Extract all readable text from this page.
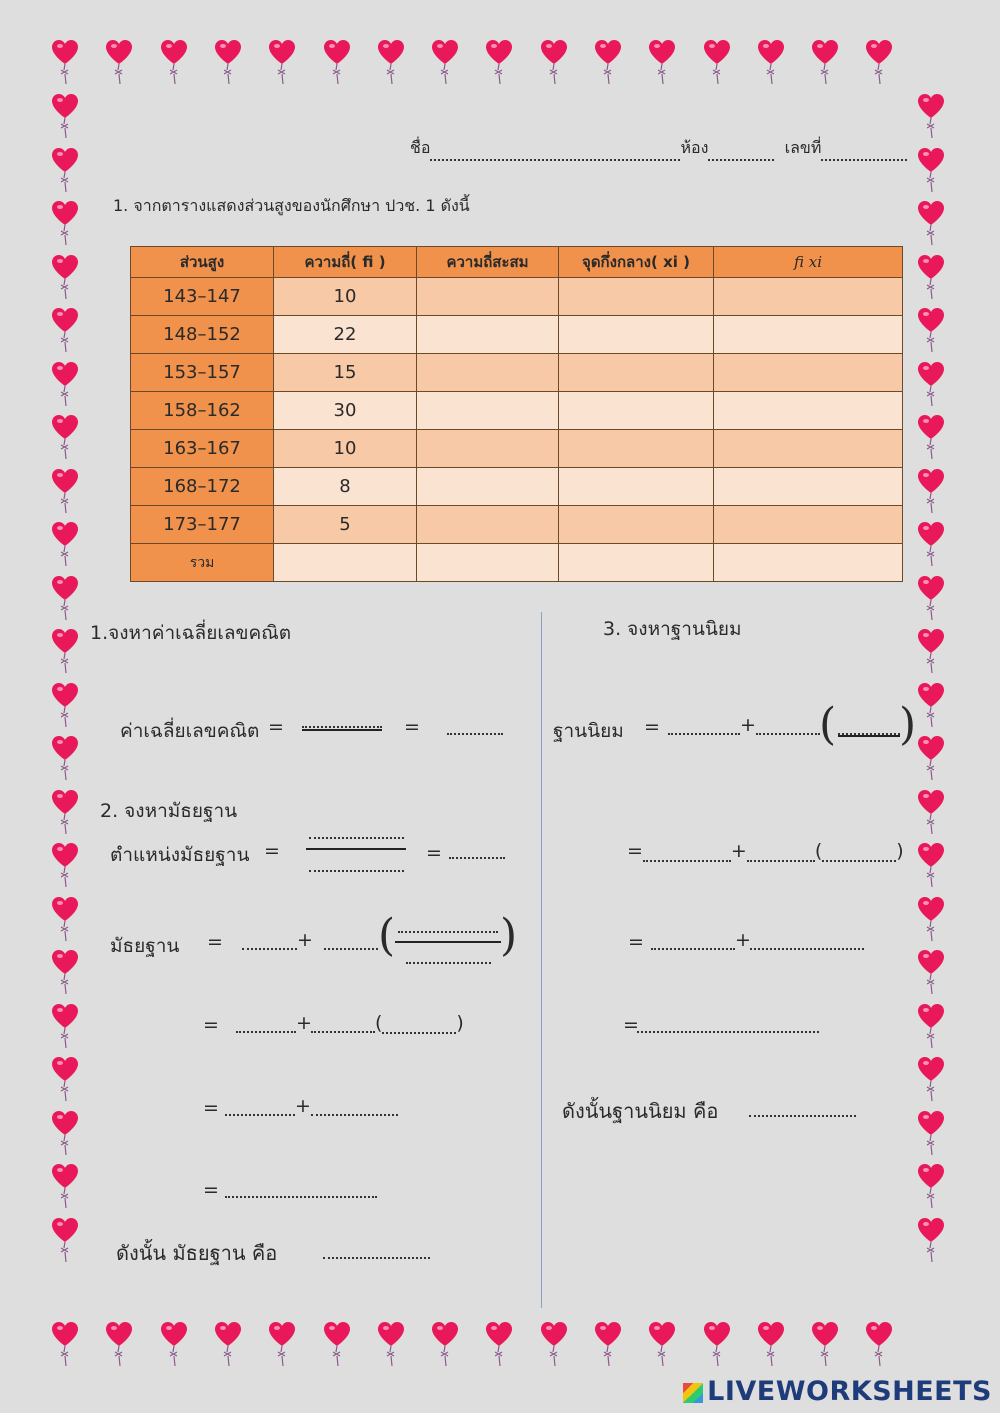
ชื่อ	ห้อง	เลขที่
1. จากตารางแสดงส่วนสูงของนักศึกษา ปวช. 1 ดังนี้
ส่วนสูง	ความถี่( fi )	ความถี่สะสม	จุดกึ่งกลาง( xi )	fi xi
143–147	10			
148–152	22			
153–157	15			
158–162	30			
163–167	10			
168–172	8			
173–177	5			
รวม				
1.จงหาค่าเฉลี่ยเลขคณิต
ค่าเฉลี่ยเลขคณิต =	=
2. จงหามัธยฐาน
ตำแหน่งมัธยฐาน =	=
มัธยฐาน =	+ ( )
=	+	(	)
=	+
=
ดังนั้น มัธยฐาน คือ
3. จงหาฐานนิยม
ฐานนิยม =	+ ( )
=	+	(	)
=	+
=
ดังนั้นฐานนิยม คือ
LIVEWORKSHEETS
